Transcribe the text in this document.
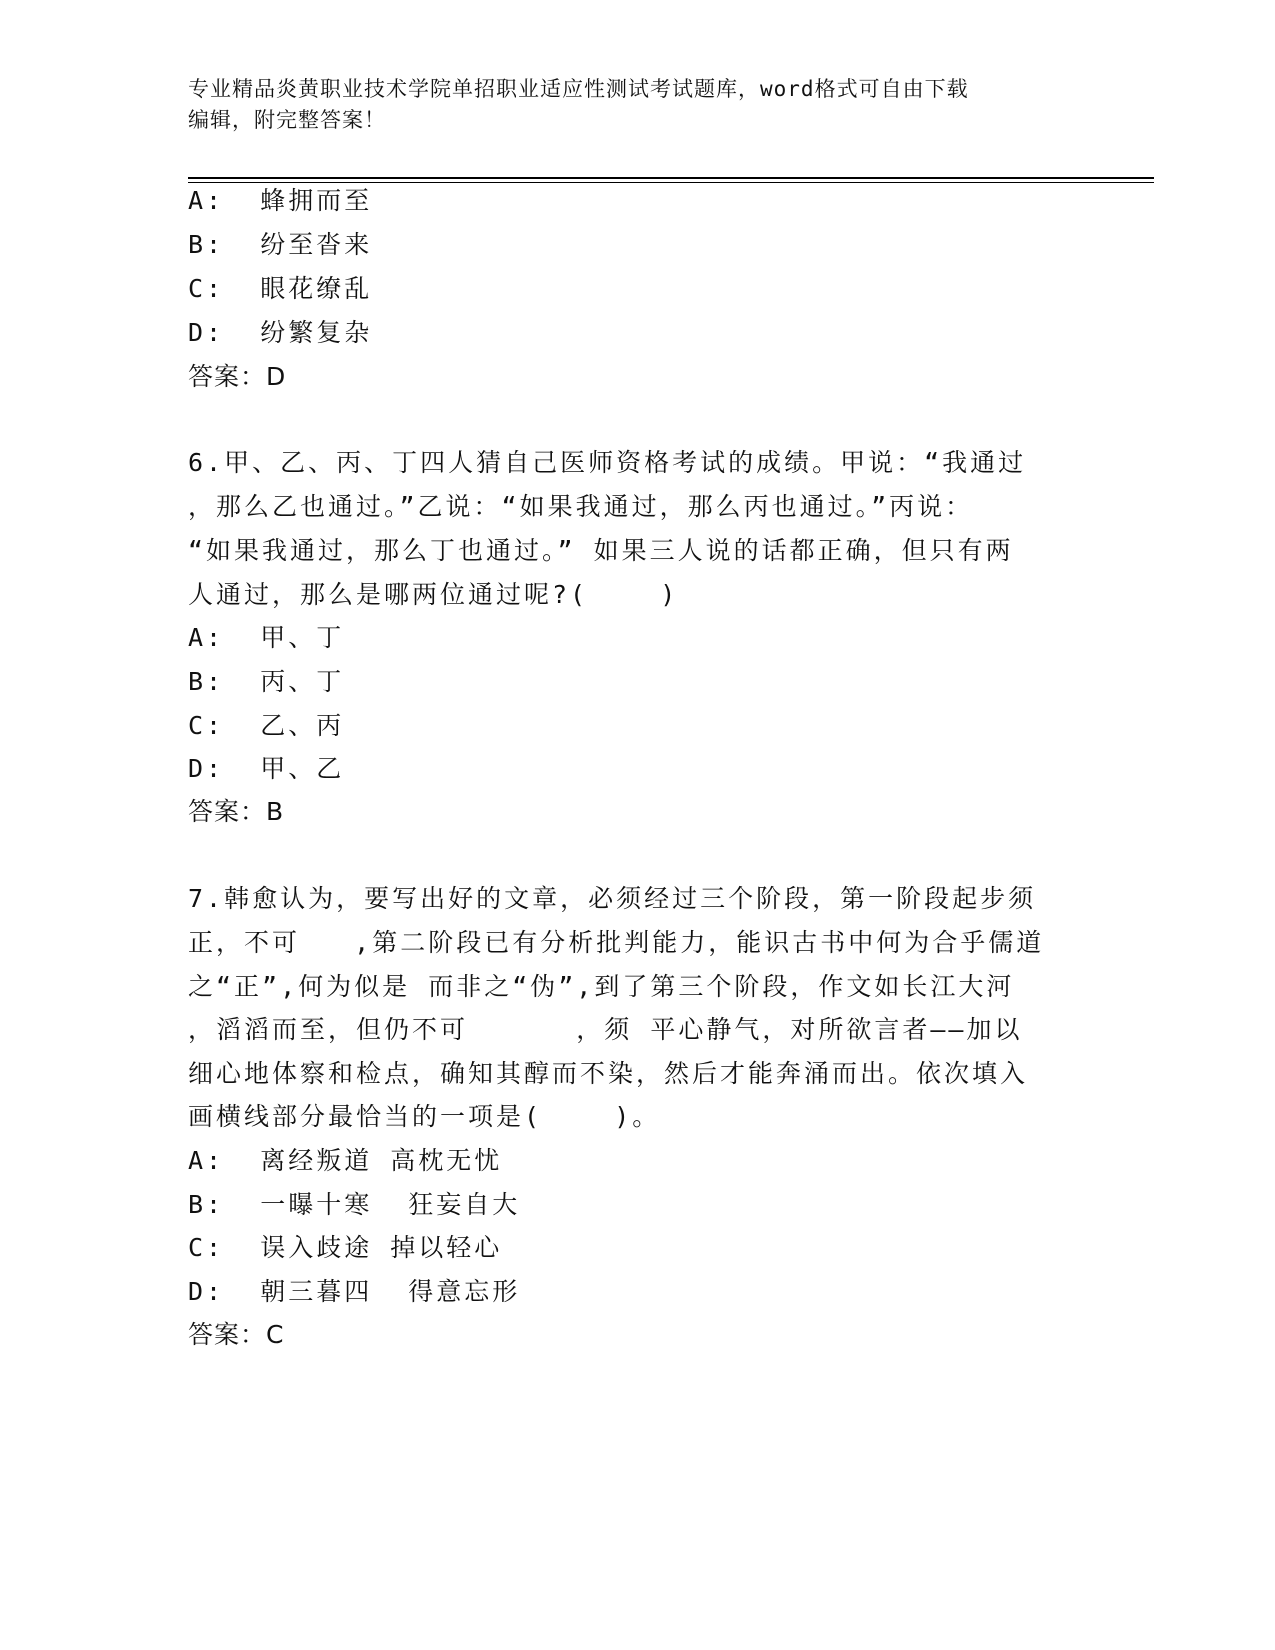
专业精品炎黄职业技术学院单招职业适应性测试考试题库，word格式可自由下载
编辑，附完整答案！
A:  蜂拥而至
B:  纷至沓来
C:  眼花缭乱
D:  纷繁复杂
答案：D
6.甲、乙、丙、丁四人猜自己医师资格考试的成绩。甲说：“我通过
，那么乙也通过。”乙说：“如果我通过，那么丙也通过。”丙说：
“如果我通过，那么丁也通过。” 如果三人说的话都正确，但只有两
人通过，那么是哪两位通过呢?(    )
A:  甲、丁
B:  丙、丁
C:  乙、丙
D:  甲、乙
答案：B
7.韩愈认为，要写出好的文章，必须经过三个阶段，第一阶段起步须
正，不可   ,第二阶段已有分析批判能力，能识古书中何为合乎儒道
之“正”,何为似是 而非之“伪”,到了第三个阶段，作文如长江大河
，滔滔而至，但仍不可      ，须 平心静气，对所欲言者——加以
细心地体察和检点，确知其醇而不染，然后才能奔涌而出。依次填入
画横线部分最恰当的一项是(    )。
A:  离经叛道 高枕无忧
B:  一曝十寒  狂妄自大
C:  误入歧途 掉以轻心
D:  朝三暮四  得意忘形
答案：C
